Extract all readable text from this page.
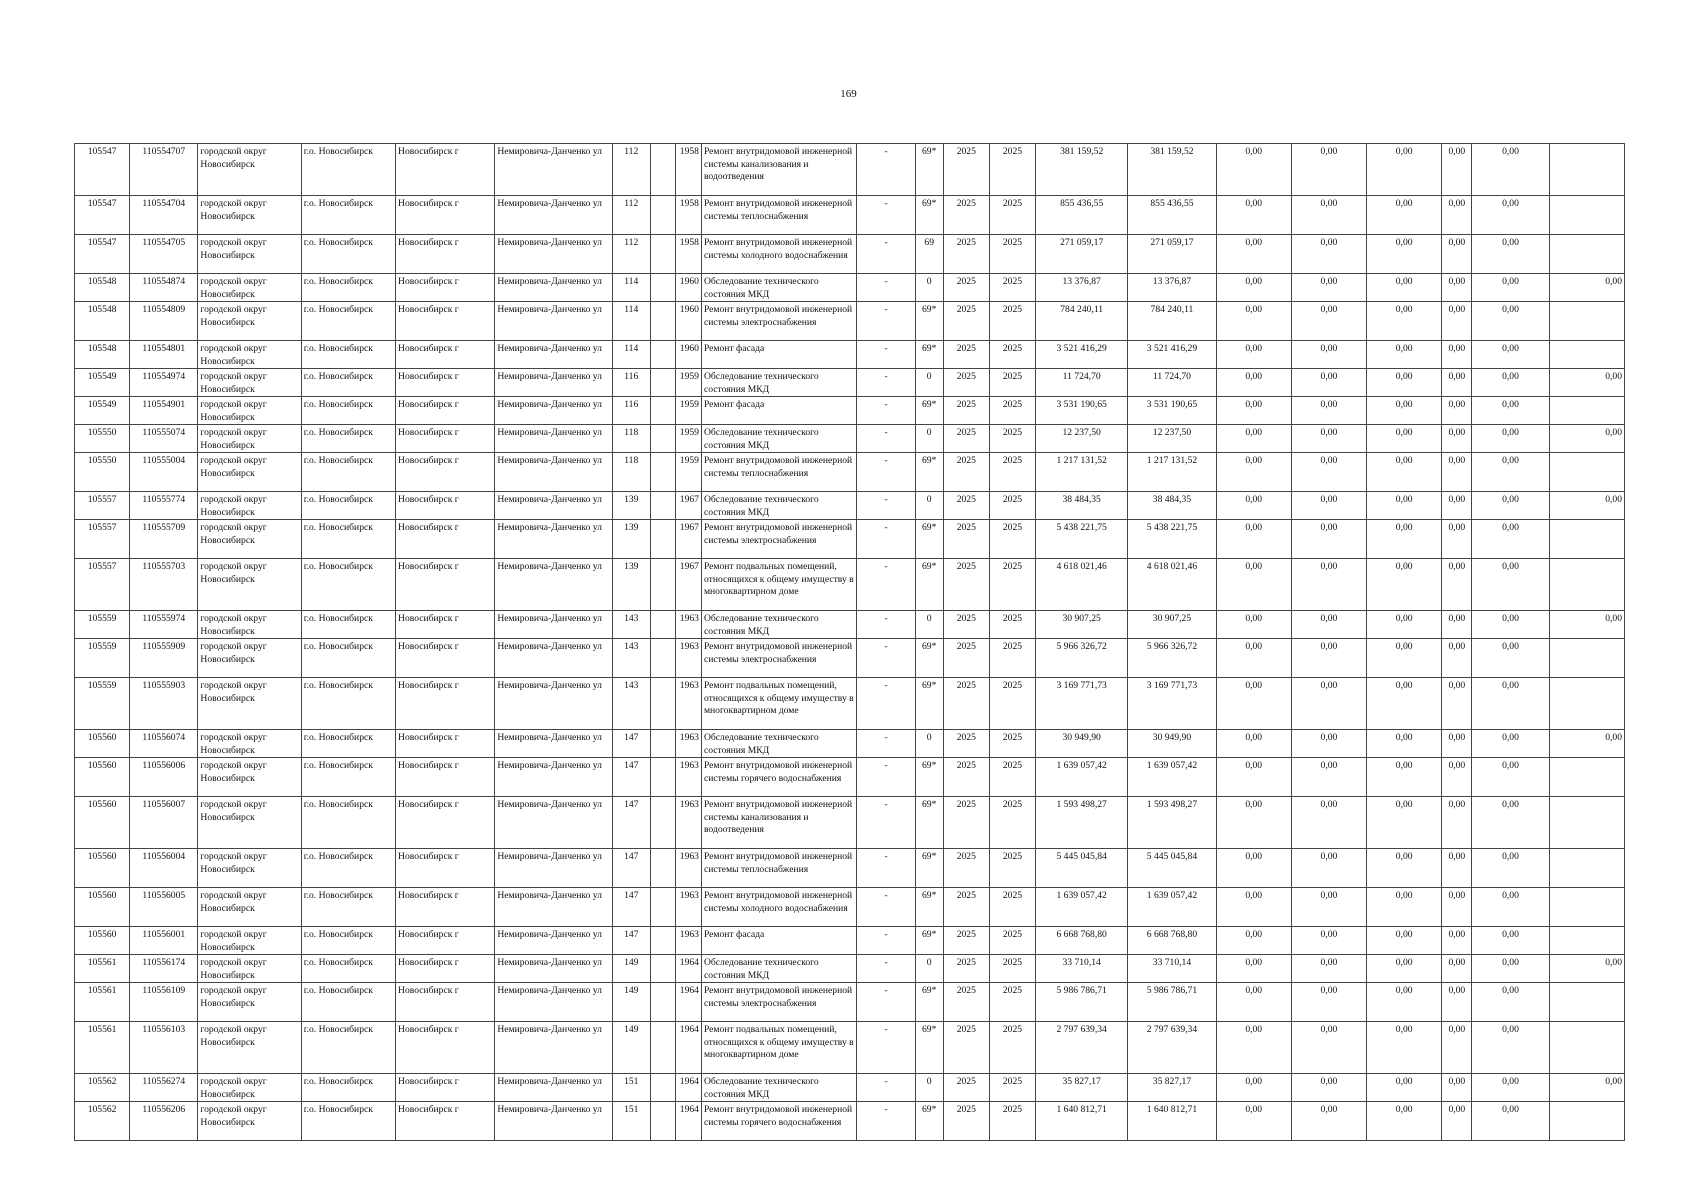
169
105547	110554707	городской округ Новосибирск	г.о. Новосибирск	Новосибирск г	Немировича-Данченко ул	112		1958	Ремонт внутридомовой инженерной системы канализования и водоотведения	-	69*	2025	2025	381 159,52	381 159,52	0,00	0,00	0,00	0,00	0,00	
105547	110554704	городской округ Новосибирск	г.о. Новосибирск	Новосибирск г	Немировича-Данченко ул	112		1958	Ремонт внутридомовой инженерной системы теплоснабжения	-	69*	2025	2025	855 436,55	855 436,55	0,00	0,00	0,00	0,00	0,00	
105547	110554705	городской округ Новосибирск	г.о. Новосибирск	Новосибирск г	Немировича-Данченко ул	112		1958	Ремонт внутридомовой инженерной системы холодного водоснабжения	-	69	2025	2025	271 059,17	271 059,17	0,00	0,00	0,00	0,00	0,00	
105548	110554874	городской округ Новосибирск	г.о. Новосибирск	Новосибирск г	Немировича-Данченко ул	114		1960	Обследование технического состояния МКД	-	0	2025	2025	13 376,87	13 376,87	0,00	0,00	0,00	0,00	0,00	0,00
105548	110554809	городской округ Новосибирск	г.о. Новосибирск	Новосибирск г	Немировича-Данченко ул	114		1960	Ремонт внутридомовой инженерной системы электроснабжения	-	69*	2025	2025	784 240,11	784 240,11	0,00	0,00	0,00	0,00	0,00	
105548	110554801	городской округ Новосибирск	г.о. Новосибирск	Новосибирск г	Немировича-Данченко ул	114		1960	Ремонт фасада	-	69*	2025	2025	3 521 416,29	3 521 416,29	0,00	0,00	0,00	0,00	0,00	
105549	110554974	городской округ Новосибирск	г.о. Новосибирск	Новосибирск г	Немировича-Данченко ул	116		1959	Обследование технического состояния МКД	-	0	2025	2025	11 724,70	11 724,70	0,00	0,00	0,00	0,00	0,00	0,00
105549	110554901	городской округ Новосибирск	г.о. Новосибирск	Новосибирск г	Немировича-Данченко ул	116		1959	Ремонт фасада	-	69*	2025	2025	3 531 190,65	3 531 190,65	0,00	0,00	0,00	0,00	0,00	
105550	110555074	городской округ Новосибирск	г.о. Новосибирск	Новосибирск г	Немировича-Данченко ул	118		1959	Обследование технического состояния МКД	-	0	2025	2025	12 237,50	12 237,50	0,00	0,00	0,00	0,00	0,00	0,00
105550	110555004	городской округ Новосибирск	г.о. Новосибирск	Новосибирск г	Немировича-Данченко ул	118		1959	Ремонт внутридомовой инженерной системы теплоснабжения	-	69*	2025	2025	1 217 131,52	1 217 131,52	0,00	0,00	0,00	0,00	0,00	
105557	110555774	городской округ Новосибирск	г.о. Новосибирск	Новосибирск г	Немировича-Данченко ул	139		1967	Обследование технического состояния МКД	-	0	2025	2025	38 484,35	38 484,35	0,00	0,00	0,00	0,00	0,00	0,00
105557	110555709	городской округ Новосибирск	г.о. Новосибирск	Новосибирск г	Немировича-Данченко ул	139		1967	Ремонт внутридомовой инженерной системы электроснабжения	-	69*	2025	2025	5 438 221,75	5 438 221,75	0,00	0,00	0,00	0,00	0,00	
105557	110555703	городской округ Новосибирск	г.о. Новосибирск	Новосибирск г	Немировича-Данченко ул	139		1967	Ремонт подвальных помещений, относящихся к общему имуществу в многоквартирном доме	-	69*	2025	2025	4 618 021,46	4 618 021,46	0,00	0,00	0,00	0,00	0,00	
105559	110555974	городской округ Новосибирск	г.о. Новосибирск	Новосибирск г	Немировича-Данченко ул	143		1963	Обследование технического состояния МКД	-	0	2025	2025	30 907,25	30 907,25	0,00	0,00	0,00	0,00	0,00	0,00
105559	110555909	городской округ Новосибирск	г.о. Новосибирск	Новосибирск г	Немировича-Данченко ул	143		1963	Ремонт внутридомовой инженерной системы электроснабжения	-	69*	2025	2025	5 966 326,72	5 966 326,72	0,00	0,00	0,00	0,00	0,00	
105559	110555903	городской округ Новосибирск	г.о. Новосибирск	Новосибирск г	Немировича-Данченко ул	143		1963	Ремонт подвальных помещений, относящихся к общему имуществу в многоквартирном доме	-	69*	2025	2025	3 169 771,73	3 169 771,73	0,00	0,00	0,00	0,00	0,00	
105560	110556074	городской округ Новосибирск	г.о. Новосибирск	Новосибирск г	Немировича-Данченко ул	147		1963	Обследование технического состояния МКД	-	0	2025	2025	30 949,90	30 949,90	0,00	0,00	0,00	0,00	0,00	0,00
105560	110556006	городской округ Новосибирск	г.о. Новосибирск	Новосибирск г	Немировича-Данченко ул	147		1963	Ремонт внутридомовой инженерной системы горячего водоснабжения	-	69*	2025	2025	1 639 057,42	1 639 057,42	0,00	0,00	0,00	0,00	0,00	
105560	110556007	городской округ Новосибирск	г.о. Новосибирск	Новосибирск г	Немировича-Данченко ул	147		1963	Ремонт внутридомовой инженерной системы канализования и водоотведения	-	69*	2025	2025	1 593 498,27	1 593 498,27	0,00	0,00	0,00	0,00	0,00	
105560	110556004	городской округ Новосибирск	г.о. Новосибирск	Новосибирск г	Немировича-Данченко ул	147		1963	Ремонт внутридомовой инженерной системы теплоснабжения	-	69*	2025	2025	5 445 045,84	5 445 045,84	0,00	0,00	0,00	0,00	0,00	
105560	110556005	городской округ Новосибирск	г.о. Новосибирск	Новосибирск г	Немировича-Данченко ул	147		1963	Ремонт внутридомовой инженерной системы холодного водоснабжения	-	69*	2025	2025	1 639 057,42	1 639 057,42	0,00	0,00	0,00	0,00	0,00	
105560	110556001	городской округ Новосибирск	г.о. Новосибирск	Новосибирск г	Немировича-Данченко ул	147		1963	Ремонт фасада	-	69*	2025	2025	6 668 768,80	6 668 768,80	0,00	0,00	0,00	0,00	0,00	
105561	110556174	городской округ Новосибирск	г.о. Новосибирск	Новосибирск г	Немировича-Данченко ул	149		1964	Обследование технического состояния МКД	-	0	2025	2025	33 710,14	33 710,14	0,00	0,00	0,00	0,00	0,00	0,00
105561	110556109	городской округ Новосибирск	г.о. Новосибирск	Новосибирск г	Немировича-Данченко ул	149		1964	Ремонт внутридомовой инженерной системы электроснабжения	-	69*	2025	2025	5 986 786,71	5 986 786,71	0,00	0,00	0,00	0,00	0,00	
105561	110556103	городской округ Новосибирск	г.о. Новосибирск	Новосибирск г	Немировича-Данченко ул	149		1964	Ремонт подвальных помещений, относящихся к общему имуществу в многоквартирном доме	-	69*	2025	2025	2 797 639,34	2 797 639,34	0,00	0,00	0,00	0,00	0,00	
105562	110556274	городской округ Новосибирск	г.о. Новосибирск	Новосибирск г	Немировича-Данченко ул	151		1964	Обследование технического состояния МКД	-	0	2025	2025	35 827,17	35 827,17	0,00	0,00	0,00	0,00	0,00	0,00
105562	110556206	городской округ Новосибирск	г.о. Новосибирск	Новосибирск г	Немировича-Данченко ул	151		1964	Ремонт внутридомовой инженерной системы горячего водоснабжения	-	69*	2025	2025	1 640 812,71	1 640 812,71	0,00	0,00	0,00	0,00	0,00	
